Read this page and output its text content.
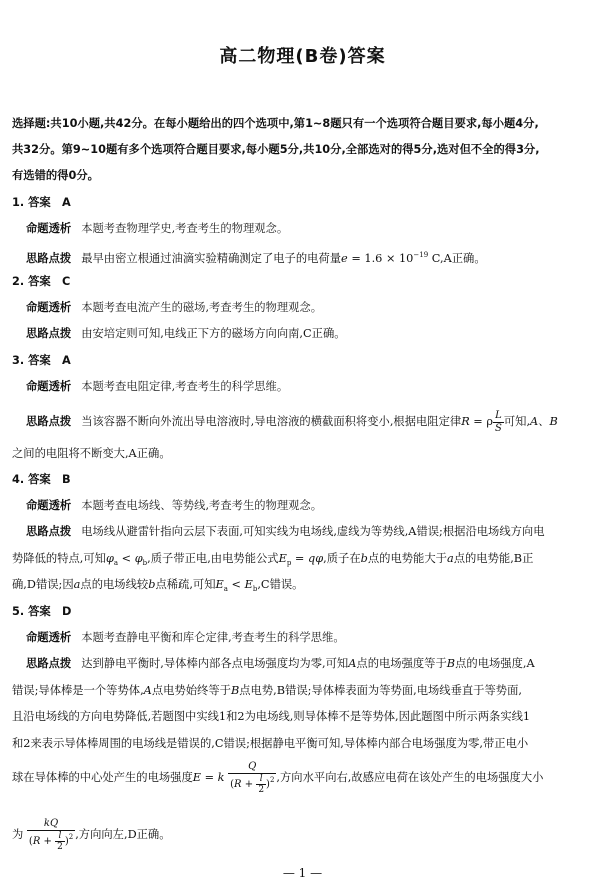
高二物理(B卷)答案
选择题:共10小题,共42分。在每小题给出的四个选项中,第1~8题只有一个选项符合题目要求,每小题4分,
共32分。第9~10题有多个选项符合题目要求,每小题5分,共10分,全部选对的得5分,选对但不全的得3分,
有选错的得0分。
1. 答案　A
命题透析 本题考查物理学史,考查考生的物理观念。
思路点拨 最早由密立根通过油滴实验精确测定了电子的电荷量$e = 1.6 \times 10^{-19}$ C,A正确。
2. 答案　C
命题透析 本题考查电流产生的磁场,考查考生的物理观念。
思路点拨 由安培定则可知,电线正下方的磁场方向向南,C正确。
3. 答案　A
命题透析 本题考查电阻定律,考查考生的科学思维。
思路点拨 当该容器不断向外流出导电溶液时,导电溶液的横截面积将变小,根据电阻定律R = ρ $\frac{L}{S}$ 可知,A、B
之间的电阻将不断变大,A正确。
4. 答案　B
命题透析 本题考查电场线、等势线,考查考生的物理观念。
思路点拨 电场线从避雷针指向云层下表面,可知实线为电场线,虚线为等势线,A错误;根据沿电场线方向电
势降低的特点,可知$\varphi_a < \varphi_b$,质子带正电,由电势能公式$E_p = q\varphi$,质子在b点的电势能大于a点的电势能,B正
确,D错误;因a点的电场线较b点稀疏,可知$E_a < E_b,C$错误。
5. 答案　D
命题透析 本题考查静电平衡和库仑定律,考查考生的科学思维。
思路点拨 达到静电平衡时,导体棒内部各点电场强度均为零,可知A点的电场强度等于B点的电场强度,A
错误;导体棒是一个等势体,A点电势始终等于B点电势,B错误;导体棒表面为等势面,电场线垂直于等势面,
且沿电场线的方向电势降低,若题图中实线1和2为电场线,则导体棒不是等势体,因此题图中所示两条实线1
和2来表示导体棒周围的电场线是错误的,C错误;根据静电平衡可知,导体棒内部合电场强度为零,带正电小
球在导体棒的中心处产生的电场强度E = k $\frac{Q}{(R + \frac{l}{2} )^2}$ ,方向水平向右,故感应电荷在该处产生的电场强度大小
为 $\frac{kQ}{(R + \frac{l}{2} )^2}$ ,方向向左,D正确。
— 1 —
